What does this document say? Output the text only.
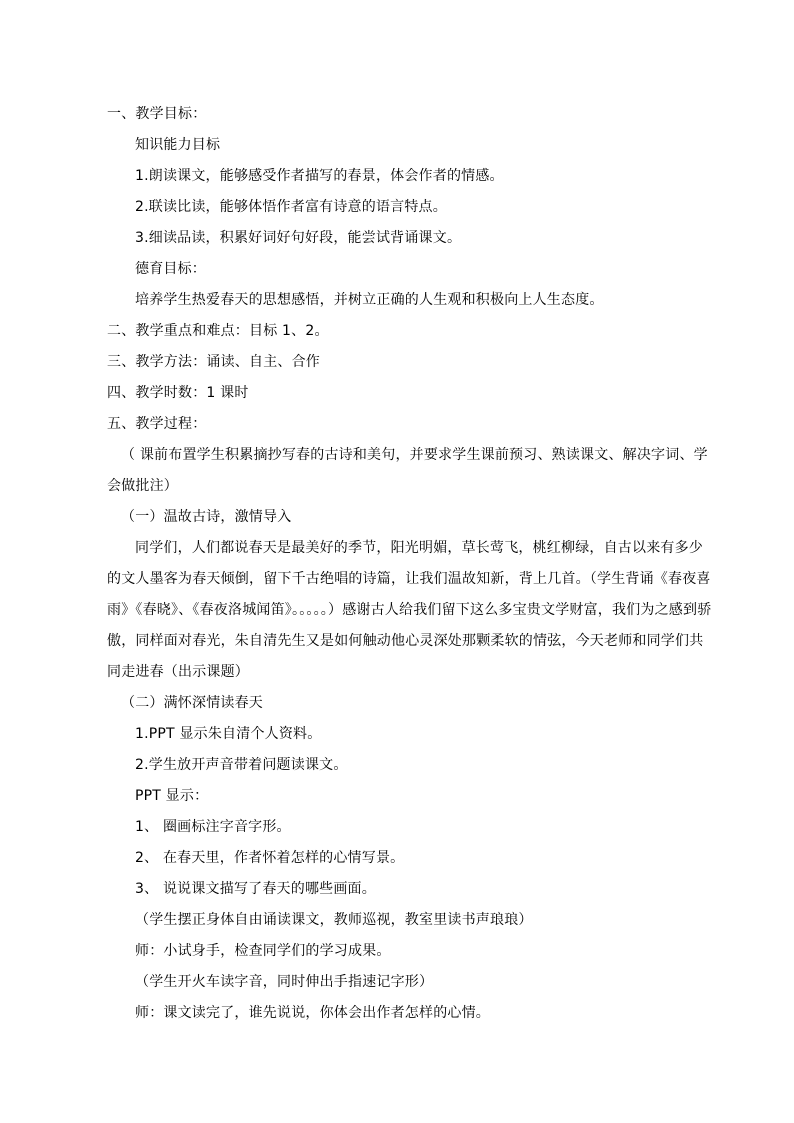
一、教学目标：
知识能力目标
1.朗读课文，能够感受作者描写的春景，体会作者的情感。
2.联读比读，能够体悟作者富有诗意的语言特点。
3.细读品读，积累好词好句好段，能尝试背诵课文。
德育目标：
培养学生热爱春天的思想感悟，并树立正确的人生观和积极向上人生态度。
二、教学重点和难点：目标 1、2。
三、教学方法：诵读、自主、合作
四、教学时数：1 课时
五、教学过程：
（ 课前布置学生积累摘抄写春的古诗和美句，并要求学生课前预习、熟读课文、解决字词、学会做批注）
（一）温故古诗，激情导入
同学们，人们都说春天是最美好的季节，阳光明媚，草长莺飞，桃红柳绿，自古以来有多少的文人墨客为春天倾倒，留下千古绝唱的诗篇，让我们温故知新，背上几首。（学生背诵《春夜喜雨》《春晓》、《春夜洛城闻笛》。。。。。）感谢古人给我们留下这么多宝贵文学财富，我们为之感到骄傲，同样面对春光，朱自清先生又是如何触动他心灵深处那颗柔软的情弦，今天老师和同学们共同走进春（出示课题）
（二）满怀深情读春天
1.PPT 显示朱自清个人资料。
2.学生放开声音带着问题读课文。
PPT 显示：
1、 圈画标注字音字形。
2、 在春天里，作者怀着怎样的心情写景。
3、 说说课文描写了春天的哪些画面。
（学生摆正身体自由诵读课文，教师巡视，教室里读书声琅琅）
师：小试身手，检查同学们的学习成果。
（学生开火车读字音，同时伸出手指速记字形）
师：课文读完了，谁先说说，你体会出作者怎样的心情。
